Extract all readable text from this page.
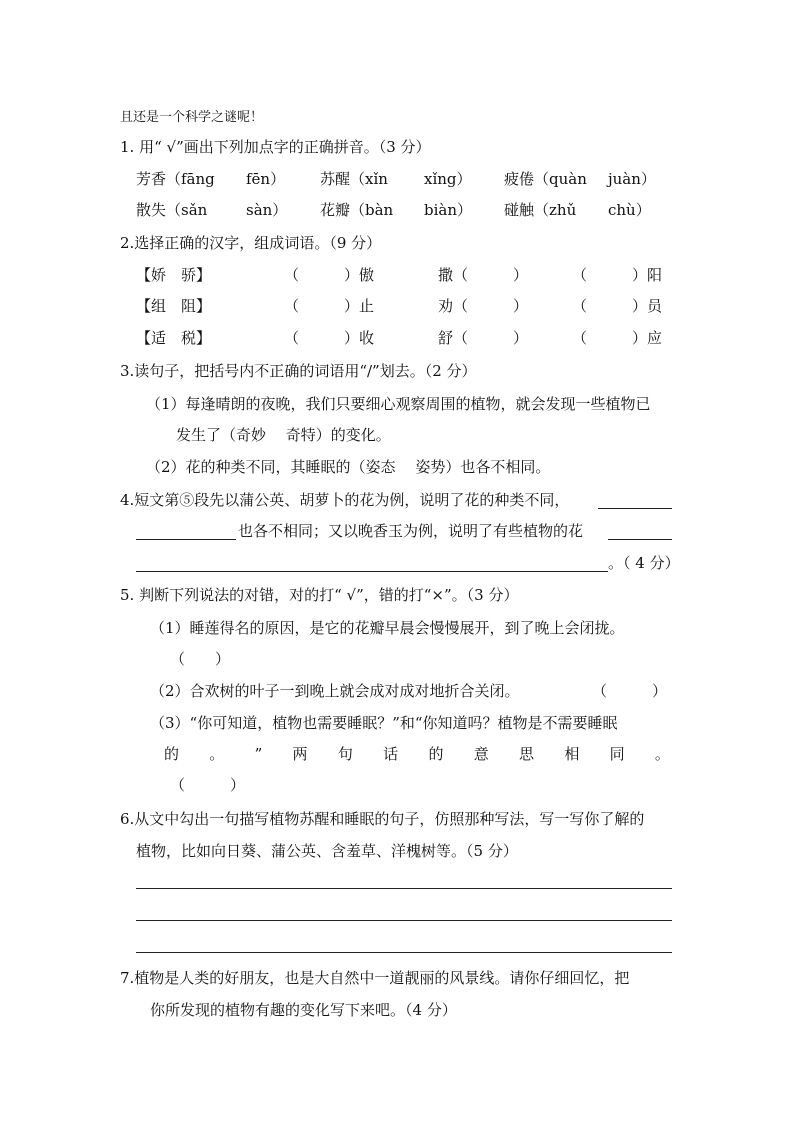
且还是一个科学之谜呢！
1. 用“ √”画出下列加点字的正确拼音。（3 分）
芳香（fāng fēn） 苏醒（xǐn xǐng） 疲倦（quàn juàn）
散失（sǎn	sàn） 花瓣（bàn biàn） 碰触（zhǔ chù）
2.选择正确的汉字，组成词语。（9 分）
【娇　骄】	（　　　）傲	撒（　　　）	（　　　）阳
【组　阻】	（　　　）止	劝（　　　）	（　　　）员
【适　税】	（　　　）收	舒（　　　）	（　　　）应
3.读句子，把括号内不正确的词语用“/”划去。（2 分）
（1）每逢晴朗的夜晚，我们只要细心观察周围的植物，就会发现一些植物已
发生了（奇妙　 奇特）的变化。
（2）花的种类不同，其睡眠的（姿态　 姿势）也各不相同。
4.短文第⑤段先以蒲公英、胡萝卜的花为例，说明了花的种类不同，
也各不相同；又以晚香玉为例，说明了有些植物的花
。（ 4 分）
5. 判断下列说法的对错，对的打“ √”，错的打“×”。（3 分）
（1）睡莲得名的原因，是它的花瓣早晨会慢慢展开，到了晚上会闭拢。
（　　）
（2）合欢树的叶子一到晚上就会成对成对地折合关闭。	（　　　）
（3）“你可知道，植物也需要睡眠？”和“你知道吗？植物是不需要睡眠
的 。 ” 两 句 话 的 意 思 相 同 。
（　　　）
6.从文中勾出一句描写植物苏醒和睡眠的句子，仿照那种写法，写一写你了解的
植物，比如向日葵、蒲公英、含羞草、洋槐树等。（5 分）
7.植物是人类的好朋友，也是大自然中一道靓丽的风景线。请你仔细回忆，把
你所发现的植物有趣的变化写下来吧。（4 分）
